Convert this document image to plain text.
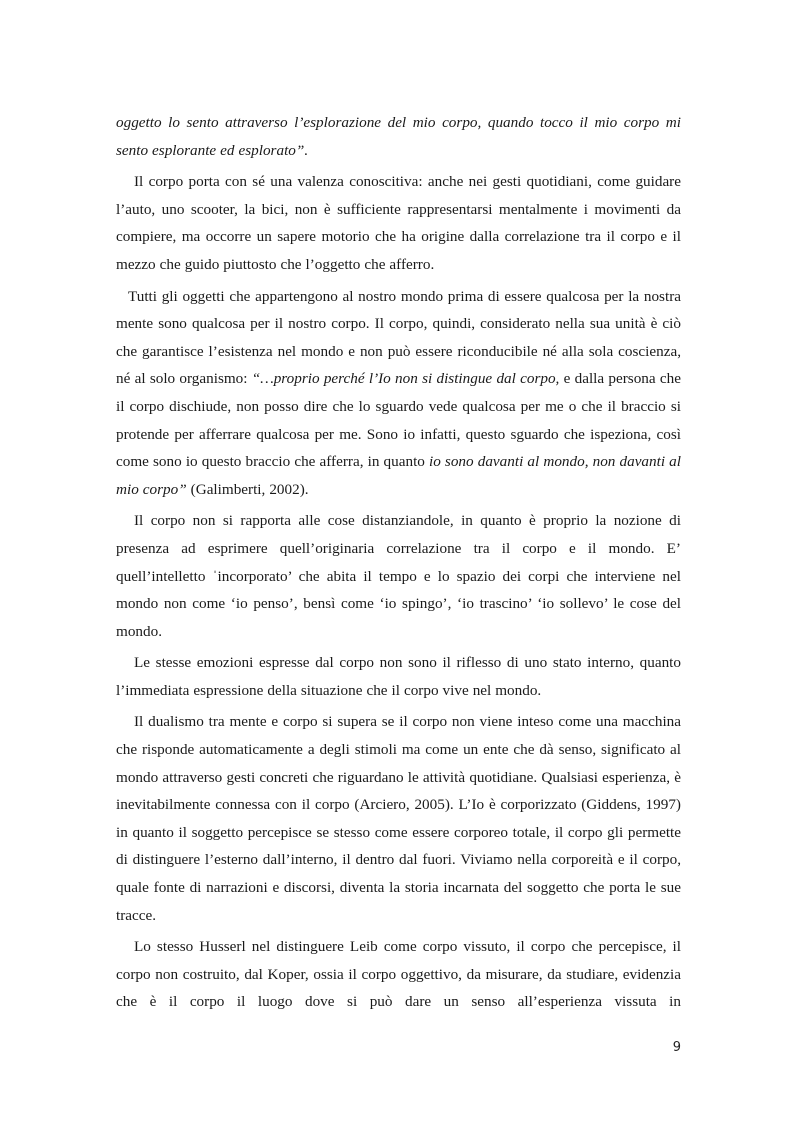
oggetto lo sento attraverso l’esplorazione del mio corpo, quando tocco il mio corpo mi sento esplorante ed esplorato”.

Il corpo porta con sé una valenza conoscitiva: anche nei gesti quotidiani, come guidare l’auto, uno scooter, la bici, non è sufficiente rappresentarsi mentalmente i movimenti da compiere, ma occorre un sapere motorio che ha origine dalla correlazione tra il corpo e il mezzo che guido piuttosto che l’oggetto che afferro.

Tutti gli oggetti che appartengono al nostro mondo prima di essere qualcosa per la nostra mente sono qualcosa per il nostro corpo. Il corpo, quindi, considerato nella sua unità è ciò che garantisce l’esistenza nel mondo e non può essere riconducibile né alla sola coscienza, né al solo organismo: “…proprio perché l’Io non si distingue dal corpo, e dalla persona che il corpo dischiude, non posso dire che lo sguardo vede qualcosa per me o che il braccio si protende per afferrare qualcosa per me. Sono io infatti, questo sguardo che ispeziona, così come sono io questo braccio che afferra, in quanto io sono davanti al mondo, non davanti al mio corpo” (Galimberti, 2002).

Il corpo non si rapporta alle cose distanziandole, in quanto è proprio la nozione di presenza ad esprimere quell’originaria correlazione tra il corpo e il mondo. E’ quell’intelletto ˈincorporato’ che abita il tempo e lo spazio dei corpi che interviene nel mondo non come ‘io penso’, bensì come ‘io spingo’, ‘io trascino’ ‘io sollevo’ le cose del mondo.

Le stesse emozioni espresse dal corpo non sono il riflesso di uno stato interno, quanto l’immediata espressione della situazione che il corpo vive nel mondo.

Il dualismo tra mente e corpo si supera se il corpo non viene inteso come una macchina che risponde automaticamente a degli stimoli ma come un ente che dà senso, significato al mondo attraverso gesti concreti che riguardano le attività quotidiane. Qualsiasi esperienza, è inevitabilmente connessa con il corpo (Arciero, 2005). L’Io è corporizzato (Giddens, 1997) in quanto il soggetto percepisce se stesso come essere corporeo totale, il corpo gli permette di distinguere l’esterno dall’interno, il dentro dal fuori. Viviamo nella corporeità e il corpo, quale fonte di narrazioni e discorsi, diventa la storia incarnata del soggetto che porta le sue tracce.

Lo stesso Husserl nel distinguere Leib come corpo vissuto, il corpo che percepisce, il corpo non costruito, dal Koper, ossia il corpo oggettivo, da misurare, da studiare, evidenzia che è il corpo il luogo dove si può dare un senso all’esperienza vissuta in

9
